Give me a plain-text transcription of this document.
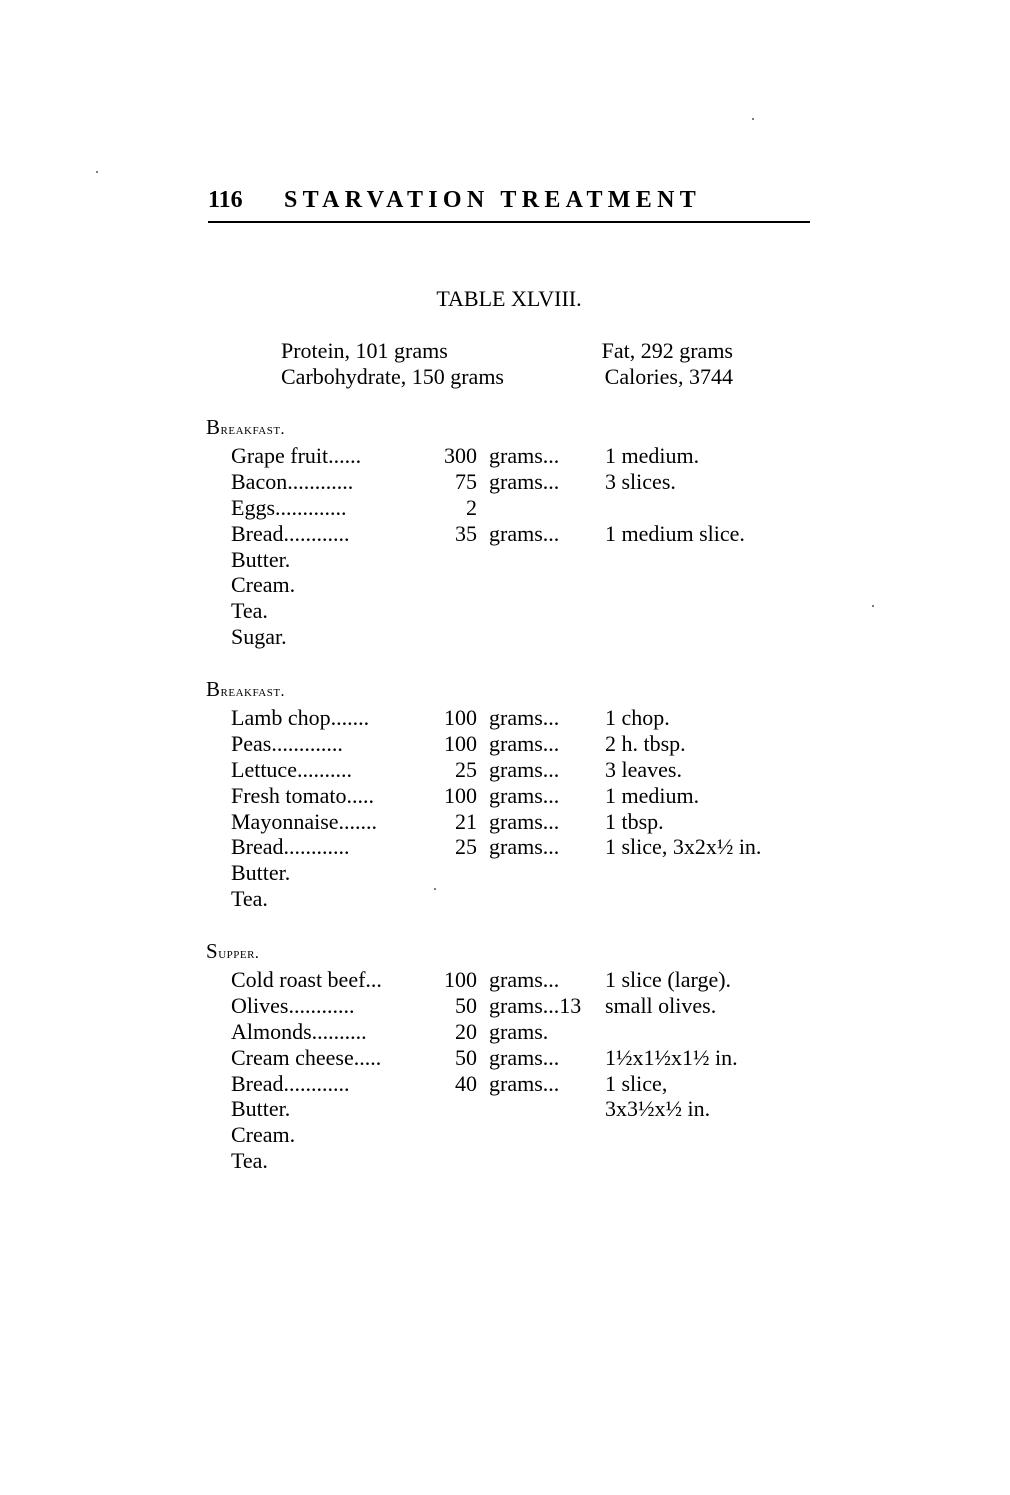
116 STARVATION TREATMENT
TABLE XLVIII.
Protein, 101 grams	Fat, 292 grams
Carbohydrate, 150 grams	Calories, 3744
Breakfast.
Grape fruit......	300 grams... 1 medium.
Bacon............	75 grams... 3 slices.
Eggs.............	2
Bread............	35 grams... 1 medium slice.
Butter.
Cream.
Tea.
Sugar.
Breakfast.
Lamb chop.......	100 grams... 1 chop.
Peas.............	100 grams... 2 h. tbsp.
Lettuce..........	25 grams... 3 leaves.
Fresh tomato.....	100 grams... 1 medium.
Mayonnaise.......	21 grams... 1 tbsp.
Bread............	25 grams... 1 slice, 3x2x½ in.
Butter.
Tea.
Supper.
Cold roast beef...	100 grams... 1 slice (large).
Olives............	50 grams...13 small olives.
Almonds..........	20 grams.
Cream cheese.....	50 grams... 1½x1½x1½ in.
Bread............	40 grams... 1 slice,
Butter.	3x3½x½ in.
Cream.
Tea.
